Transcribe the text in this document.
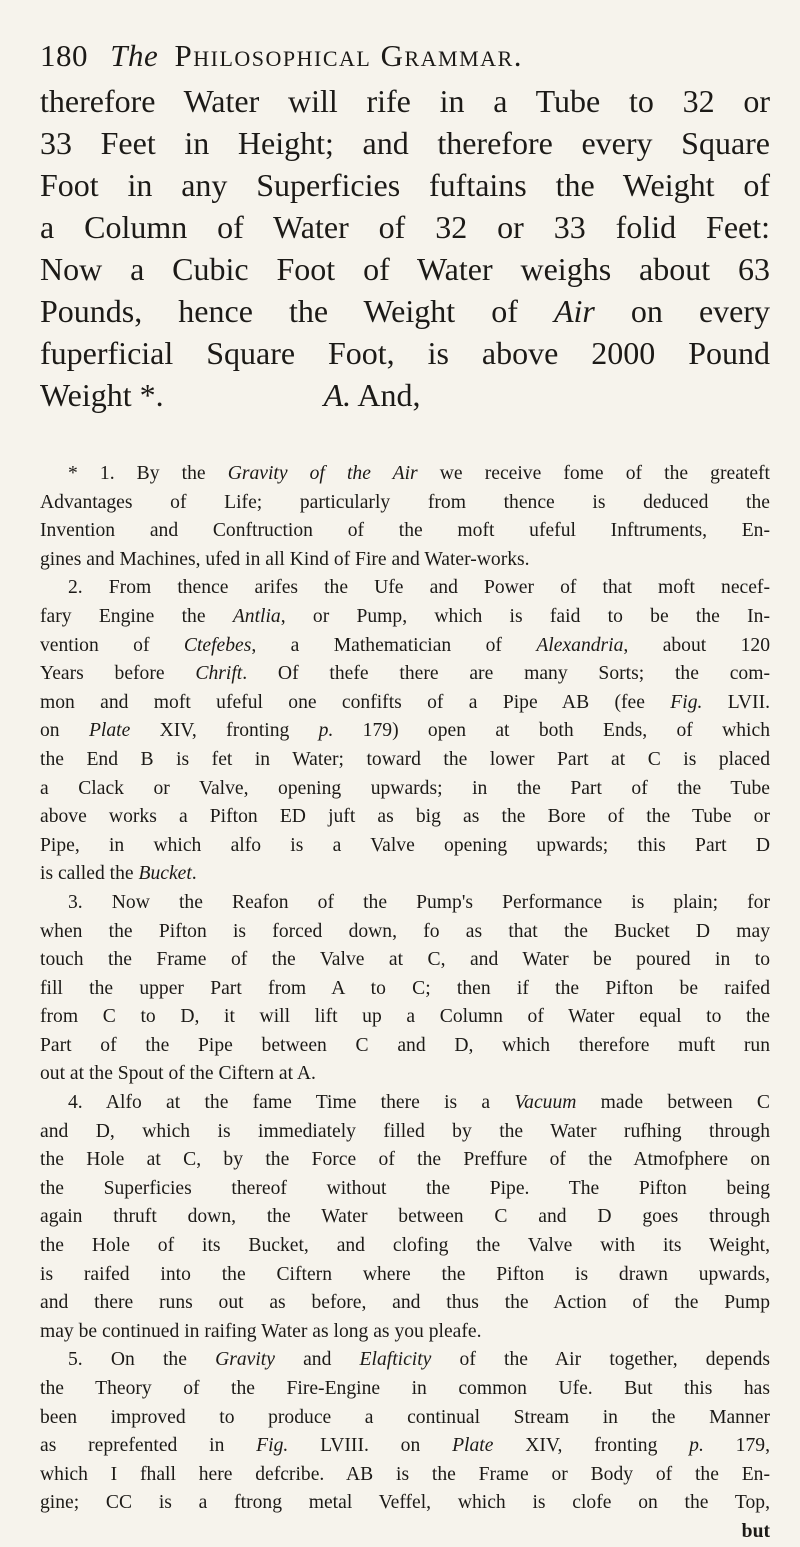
180 The Philosophical Grammar.
therefore Water will rife in a Tube to 32 or
33 Feet in Height; and therefore every Square
Foot in any Superficies fuftains the Weight of
a Column of Water of 32 or 33 folid Feet:
Now a Cubic Foot of Water weighs about 63
Pounds, hence the Weight of Air on every
fuperficial Square Foot, is above 2000 Pound
Weight *.                    A. And,
* 1. By the Gravity of the Air we receive fome of the greateft
Advantages of Life; particularly from thence is deduced the
Invention and Conftruction of the moft ufeful Inftruments, En-
gines and Machines, ufed in all Kind of Fire and Water-works.
2. From thence arifes the Ufe and Power of that moft necef-
fary Engine the Antlia, or Pump, which is faid to be the In-
vention of Ctefebes, a Mathematician of Alexandria, about 120
Years before Chrift. Of thefe there are many Sorts; the com-
mon and moft ufeful one confifts of a Pipe AB (fee Fig. LVII.
on Plate XIV, fronting p. 179) open at both Ends, of which
the End B is fet in Water; toward the lower Part at C is placed
a Clack or Valve, opening upwards; in the Part of the Tube
above works a Pifton ED juft as big as the Bore of the Tube or
Pipe, in which alfo is a Valve opening upwards; this Part D
is called the Bucket.
3. Now the Reafon of the Pump's Performance is plain; for
when the Pifton is forced down, fo as that the Bucket D may
touch the Frame of the Valve at C, and Water be poured in to
fill the upper Part from A to C; then if the Pifton be raifed
from C to D, it will lift up a Column of Water equal to the
Part of the Pipe between C and D, which therefore muft run
out at the Spout of the Ciftern at A.
4. Alfo at the fame Time there is a Vacuum made between C
and D, which is immediately filled by the Water rufhing through
the Hole at C, by the Force of the Preffure of the Atmofphere on
the Superficies thereof without the Pipe. The Pifton being
again thruft down, the Water between C and D goes through
the Hole of its Bucket, and clofing the Valve with its Weight,
is raifed into the Ciftern where the Pifton is drawn upwards,
and there runs out as before, and thus the Action of the Pump
may be continued in raifing Water as long as you pleafe.
5. On the Gravity and Elafticity of the Air together, depends
the Theory of the Fire-Engine in common Ufe. But this has
been improved to produce a continual Stream in the Manner
as reprefented in Fig. LVIII. on Plate XIV, fronting p. 179,
which I fhall here defcribe. AB is the Frame or Body of the En-
gine; CC is a ftrong metal Veffel, which is clofe on the Top,
but
